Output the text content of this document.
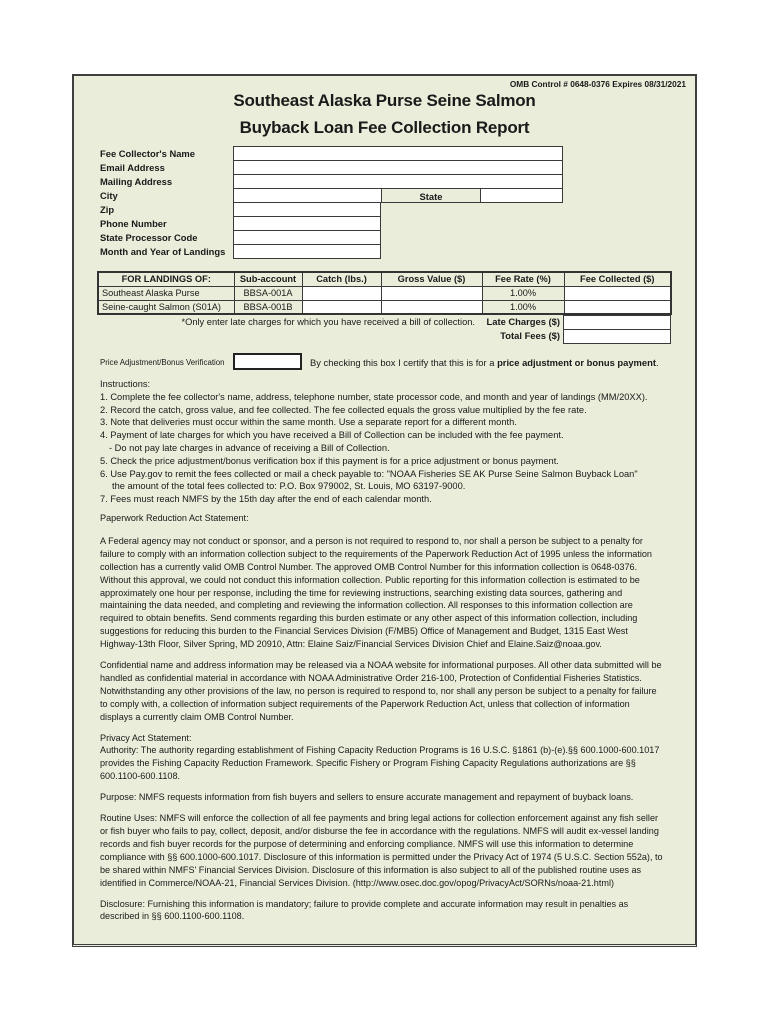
OMB Control # 0648-0376 Expires 08/31/2021
Southeast Alaska Purse Seine Salmon
Buyback Loan Fee Collection Report
Fee Collector's Name
Email Address
Mailing Address
City	State
Zip
Phone Number
State Processor Code
Month and Year of Landings
FOR LANDINGS OF:	Sub-account	Catch (lbs.)	Gross Value ($)	Fee Rate (%)	Fee Collected ($)
Southeast Alaska Purse	BBSA-001A			1.00%	
Seine-caught Salmon (S01A)	BBSA-001B			1.00%	
*Only enter late charges for which you have received a bill of collection.	Late Charges ($)
Total Fees ($)
Price Adjustment/Bonus Verification	By checking this box I certify that this is for a price adjustment or bonus payment.
Instructions:
1. Complete the fee collector's name, address, telephone number, state processor code, and month and year of landings (MM/20XX).
2. Record the catch, gross value, and fee collected. The fee collected equals the gross value multiplied by the fee rate.
3. Note that deliveries must occur within the same month. Use a separate report for a different month.
4. Payment of late charges for which you have received a Bill of Collection can be included with the fee payment.
- Do not pay late charges in advance of receiving a Bill of Collection.
5. Check the price adjustment/bonus verification box if this payment is for a price adjustment or bonus payment.
6. Use Pay.gov to remit the fees collected or mail a check payable to: "NOAA Fisheries SE AK Purse Seine Salmon Buyback Loan"
the amount of the total fees collected to: P.O. Box 979002, St. Louis, MO 63197-9000.
7. Fees must reach NMFS by the 15th day after the end of each calendar month.
Paperwork Reduction Act Statement:
A Federal agency may not conduct or sponsor, and a person is not required to respond to, nor shall a person be subject to a penalty for failure to comply with an information collection subject to the requirements of the Paperwork Reduction Act of 1995 unless the information collection has a currently valid OMB Control Number. The approved OMB Control Number for this information collection is 0648-0376. Without this approval, we could not conduct this information collection. Public reporting for this information collection is estimated to be approximately one hour per response, including the time for reviewing instructions, searching existing data sources, gathering and maintaining the data needed, and completing and reviewing the information collection. All responses to this information collection are required to obtain benefits. Send comments regarding this burden estimate or any other aspect of this information collection, including suggestions for reducing this burden to the Financial Services Division (F/MB5) Office of Management and Budget, 1315 East West Highway-13th Floor, Silver Spring, MD 20910, Attn: Elaine Saiz/Financial Services Division Chief and Elaine.Saiz@noaa.gov.
Confidential name and address information may be released via a NOAA website for informational purposes. All other data submitted will be handled as confidential material in accordance with NOAA Administrative Order 216-100, Protection of Confidential Fisheries Statistics. Notwithstanding any other provisions of the law, no person is required to respond to, nor shall any person be subject to a penalty for failure to comply with, a collection of information subject requirements of the Paperwork Reduction Act, unless that collection of information displays a currently claim OMB Control Number.
Privacy Act Statement:
Authority: The authority regarding establishment of Fishing Capacity Reduction Programs is 16 U.S.C. §1861 (b)-(e).§§ 600.1000-600.1017 provides the Fishing Capacity Reduction Framework. Specific Fishery or Program Fishing Capacity Regulations authorizations are §§ 600.1100-600.1108.
Purpose: NMFS requests information from fish buyers and sellers to ensure accurate management and repayment of buyback loans.
Routine Uses: NMFS will enforce the collection of all fee payments and bring legal actions for collection enforcement against any fish seller or fish buyer who fails to pay, collect, deposit, and/or disburse the fee in accordance with the regulations. NMFS will audit ex-vessel landing records and fish buyer records for the purpose of determining and enforcing compliance. NMFS will use this information to determine compliance with §§ 600.1000-600.1017. Disclosure of this information is permitted under the Privacy Act of 1974 (5 U.S.C. Section 552a), to be shared within NMFS' Financial Services Division. Disclosure of this information is also subject to all of the published routine uses as identified in Commerce/NOAA-21, Financial Services Division. (http://www.osec.doc.gov/opog/PrivacyAct/SORNs/noaa-21.html)
Disclosure: Furnishing this information is mandatory; failure to provide complete and accurate information may result in penalties as described in §§ 600.1100-600.1108.
